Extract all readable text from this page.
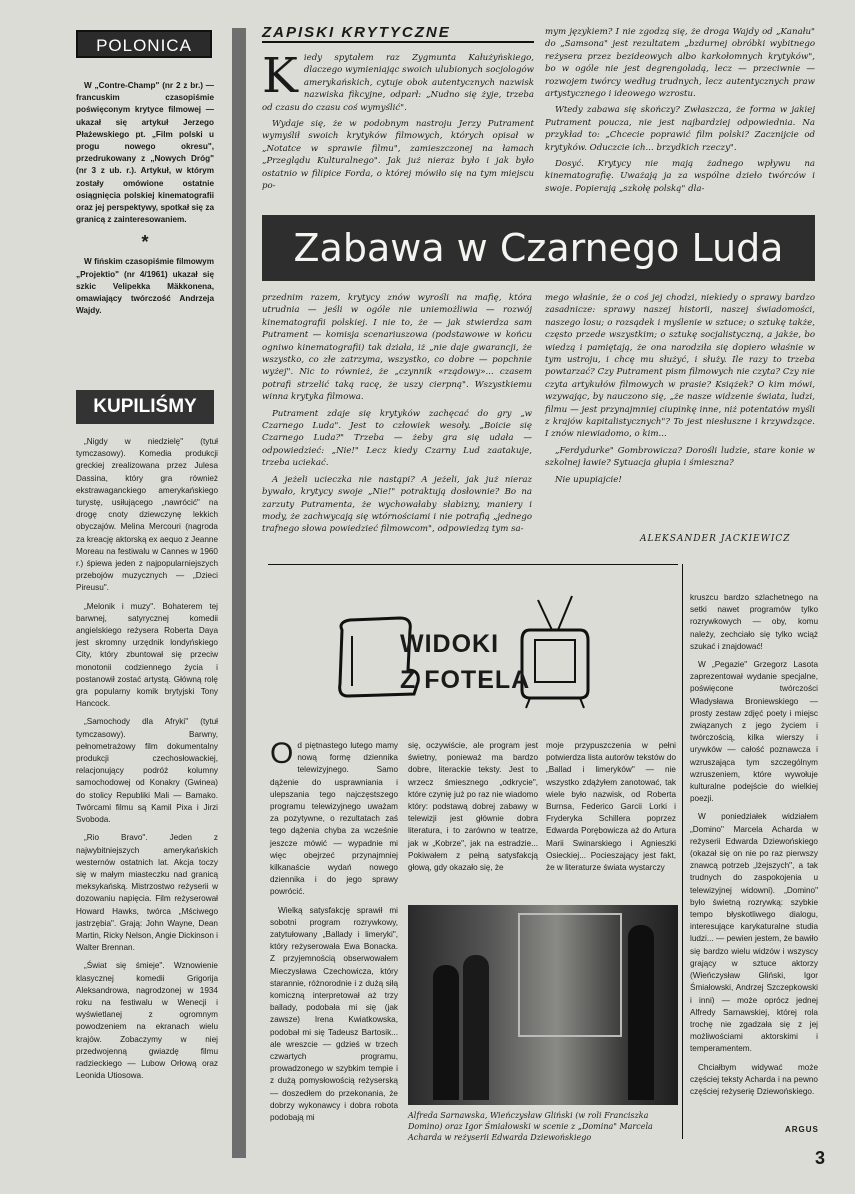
POLONICA

W „Contre-Champ" (nr 2 z br.) — francuskim czasopiśmie poświęconym krytyce filmowej — ukazał się artykuł Jerzego Płażewskiego pt. „Film polski u progu nowego okresu", przedrukowany z „Nowych Dróg" (nr 3 z ub. r.). Artykuł, w którym zostały omówione ostatnie osiągnięcia polskiej kinematografii oraz jej perspektywy, spotkał się za granicą z zainteresowaniem.

*

W fińskim czasopiśmie filmowym „Projektio" (nr 4/1961) ukazał się szkic Velipekka Mäkkonena, omawiający twórczość Andrzeja Wajdy.

KUPILIŚMY

„Nigdy w niedzielę" (tytuł tymczasowy). Komedia produkcji greckiej zrealizowana przez Julesa Dassina, który gra również ekstrawaganckiego amerykańskiego turystę, usiłującego „nawrócić" na drogę cnoty dziewczynę lekkich obyczajów. Melina Mercouri (nagroda za kreację aktorską ex aequo z Jeanne Moreau na festiwalu w Cannes w 1960 r.) śpiewa jeden z najpopularniejszych przebojów muzycznych — „Dzieci Pireusu".

„Melonik i muzy". Bohaterem tej barwnej, satyrycznej komedii angielskiego reżysera Roberta Daya jest skromny urzędnik londyńskiego City, który zbuntował się przeciw monotonii codziennego życia i postanowił zostać artystą. Główną rolę gra popularny komik brytyjski Tony Hancock.

„Samochody dla Afryki" (tytuł tymczasowy). Barwny, pełnometrażowy film dokumentalny produkcji czechosłowackiej, relacjonujący podróż kolumny samochodowej od Konakry (Gwinea) do stolicy Republiki Mali — Bamako. Twórcami filmu są Kamil Pixa i Jirzi Svoboda.

„Rio Bravo". Jeden z najwybitniejszych amerykańskich westernów ostatnich lat. Akcja toczy się w małym miasteczku nad granicą meksykańską. Mistrzostwo reżyserii w dozowaniu napięcia. Film reżyserował Howard Hawks, twórca „Mściwego jastrzębia". Grają: John Wayne, Dean Martin, Ricky Nelson, Angie Dickinson i Walter Brennan.

„Świat się śmieje". Wznowienie klasycznej komedii Grigorija Aleksandrowa, nagrodzonej w 1934 roku na festiwalu w Wenecji i wyświetlanej z ogromnym powodzeniem na ekranach wielu krajów. Zobaczymy w niej przedwojenną gwiazdę filmu radzieckiego — Lubow Orłową oraz Leonida Utiosowa.

ZAPISKI KRYTYCZNE
K iedy spytałem raz Zygmunta Kałużyńskiego, dlaczego wymieniając swoich ulubionych socjologów amerykańskich, cytuje obok autentycznych nazwisk nazwiska fikcyjne, odparł: „Nudno się żyje, trzeba od czasu do czasu coś wymyślić".

Wydaje się, że w podobnym nastroju Jerzy Putrament wymyślił swoich krytyków filmowych, których opisał w „Notatce w sprawie filmu", zamieszczonej na łamach „Przeglądu Kulturalnego". Jak już nieraz było i jak było ostatnio w filipice Forda, o której mówiło się na tym miejscu po-

mym językiem? I nie zgodzą się, że droga Wajdy od „Kanału" do „Samsona" jest rezultatem „bzdurnej obróbki wybitnego reżysera przez bezideowych albo karkołomnych krytyków", bo w ogóle nie jest degrengoladą, lecz — przeciwnie — rozwojem twórcy według trudnych, lecz autentycznych praw artystycznego i ideowego wzrostu.

Wtedy zabawa się skończy? Zwłaszcza, że forma w jakiej Putrament poucza, nie jest najbardziej odpowiednia. Na przykład to: „Chcecie poprawić film polski? Zacznijcie od krytyków. Oduczcie ich... brzydkich rzeczy".

Dosyć. Krytycy nie mają żadnego wpływu na kinematografię. Uważają ja za wspólne dzieło twórców i swoje. Popierają „szkołę polską" dla-

Zabawa w Czarnego Luda

przednim razem, krytycy znów wyrośli na mafię, która utrudnia — jeśli w ogóle nie uniemożliwia — rozwój kinematografii polskiej. I nie to, że — jak stwierdza sam Putrament — komisja scenariuszowa (podstawowe w końcu ogniwo kinematografii) tak działa, iż „nie daje gwarancji, że wszystko, co złe zatrzyma, wszystko, co dobre — popchnie wyżej". Nic to również, że „czynnik «rządowy»... czasem potrafi strzelić taką racę, że uszy cierpną". Wszystkiemu winna krytyka filmowa.

Putrament zdaje się krytyków zachęcać do gry „w Czarnego Luda". Jest to człowiek wesoły. „Boicie się Czarnego Luda?" Trzeba — żeby gra się udała — odpowiedzieć: „Nie!" Lecz kiedy Czarny Lud zaatakuje, trzeba uciekać.

A jeżeli ucieczka nie nastąpi? A jeżeli, jak już nieraz bywało, krytycy swoje „Nie!" potraktują dosłownie? Bo na zarzuty Putramenta, że wychowałaby słabizny, maniery i mody, że zachwycają się wtórnościami i nie potrafią „jednego trafnego słowa powiedzieć filmowcom", odpowiedzą tym sa-

mego właśnie, że o coś jej chodzi, niekiedy o sprawy bardzo zasadnicze: sprawy naszej historii, naszej świadomości, naszego losu; o rozsądek i myślenie w sztuce; o sztukę także, często przede wszystkim; o sztukę socjalistyczną, a jakże, bo wiedzą i pamiętają, że ona narodziła się dopiero właśnie w tym ustroju, i chcę mu służyć, i służy. Ile razy to trzeba powtarzać? Czy Putrament pism filmowych nie czyta? Czy nie czyta artykułów filmowych w prasie? Książek? O kim mówi, wzywając, by nauczono się, „że nasze widzenie świata, ludzi, filmu — jest przynajmniej ciupinkę inne, niż potentatów myśli z krajów kapitalistycznych"? To jest niesłuszne i krzywdzące. I znów niewiadomo, o kim...

„Ferdydurke" Gombrowicza? Dorośli ludzie, stare konie w szkolnej ławie? Sytuacja głupia i śmieszna?

Nie upupiajcie!

ALEKSANDER JACKIEWICZ
WIDOKI
Z FOTELA
O d piętnastego lutego mamy nową formę dziennika telewizyjnego. Samo dążenie do usprawniania i ulepszania tego najczęstszego programu telewizyjnego uważam za pozytywne, o rezultatach zaś tego dążenia chyba za wcześnie jeszcze mówić — wypadnie mi więc obejrzeć przynajmniej kilkanaście wydań nowego dziennika i do jego sprawy powrócić.

Wielką satysfakcję sprawił mi sobotni program rozrywkowy, zatytułowany „Ballady i limeryki", który reżyserowała Ewa Bonacka. Z przyjemnością obserwowałem Mieczysława Czechowicza, który starannie, różnorodnie i z dużą siłą komiczną interpretował aż trzy ballady, podobała mi się (jak zawsze) Irena Kwiatkowska, podobał mi się Tadeusz Bartosik... ale wreszcie — gdzieś w trzech czwartych programu, prowadzonego w szybkim tempie i z dużą pomysłowością reżyserską — doszedłem do przekonania, że dobrzy wykonawcy i dobra robota podobają mi

się, oczywiście, ale program jest świetny, ponieważ ma bardzo dobre, literackie teksty. Jest to wrzecz śmiesznego „odkrycie", które czynię już po raz nie wiadomo który: podstawą dobrej zabawy w telewizji jest głównie dobra literatura, i to zarówno w teatrze, jak w „Kobrze", jak na estradzie... Pokiwałem z pełną satysfakcją głową, gdy okazało się, że

moje przypuszczenia w pełni potwierdza lista autorów tekstów do „Ballad i limeryków" — nie wszystko zdążyłem zanotować, tak wiele było nazwisk, od Roberta Burnsa, Federico Garcii Lorki i Fryderyka Schillera poprzez Edwarda Porębowicza aż do Artura Marii Swinarskiego i Agnieszki Osieckiej... Pocieszający jest fakt, że w literaturze świata wystarczy

Alfreda Sarnawska, Wieńczysław Gliński (w roli Franciszka Domino) oraz Igor Śmiałowski w scenie z „Domina" Marcela Acharda w reżyserii Edwarda Dziewońskiego

kruszcu bardzo szlachetnego na setki nawet programów tylko rozrywkowych — oby, komu należy, zechciało się tylko wciąż szukać i znajdować!

W „Pegazie" Grzegorz Lasota zaprezentował wydanie specjalne, poświęcone twórczości Władysława Broniewskiego — prosty zestaw zdjęć poety i miejsc związanych z jego życiem i twórczością, kilka wierszy i urywków — całość poznawcza i wzruszająca tym szczególnym wzruszeniem, które wywołuje kulturalne podejście do wielkiej poezji.

W poniedziałek widziałem „Domino" Marcela Acharda w reżyserii Edwarda Dziewońskiego (okazał się on nie po raz pierwszy znawcą potrzeb „lżejszych", a tak trudnych do zaspokojenia u telewizyjnej widowni). „Domino" było świetną rozrywką: szybkie tempo błyskotliwego dialogu, interesujące karykaturalne studia ludzi... — pewien jestem, że bawiło się bardzo wielu widzów i wszyscy grający w sztuce aktorzy (Wieńczysław Gliński, Igor Śmiałowski, Andrzej Szczepkowski i inni) — może oprócz jednej Alfredy Sarnawskiej, której rola trochę nie zgadzała się z jej możliwościami aktorskimi i temperamentem.

Chciałbym widywać może częściej teksty Acharda i na pewno częściej reżyserię Dziewońskiego.

ARGUS
3
